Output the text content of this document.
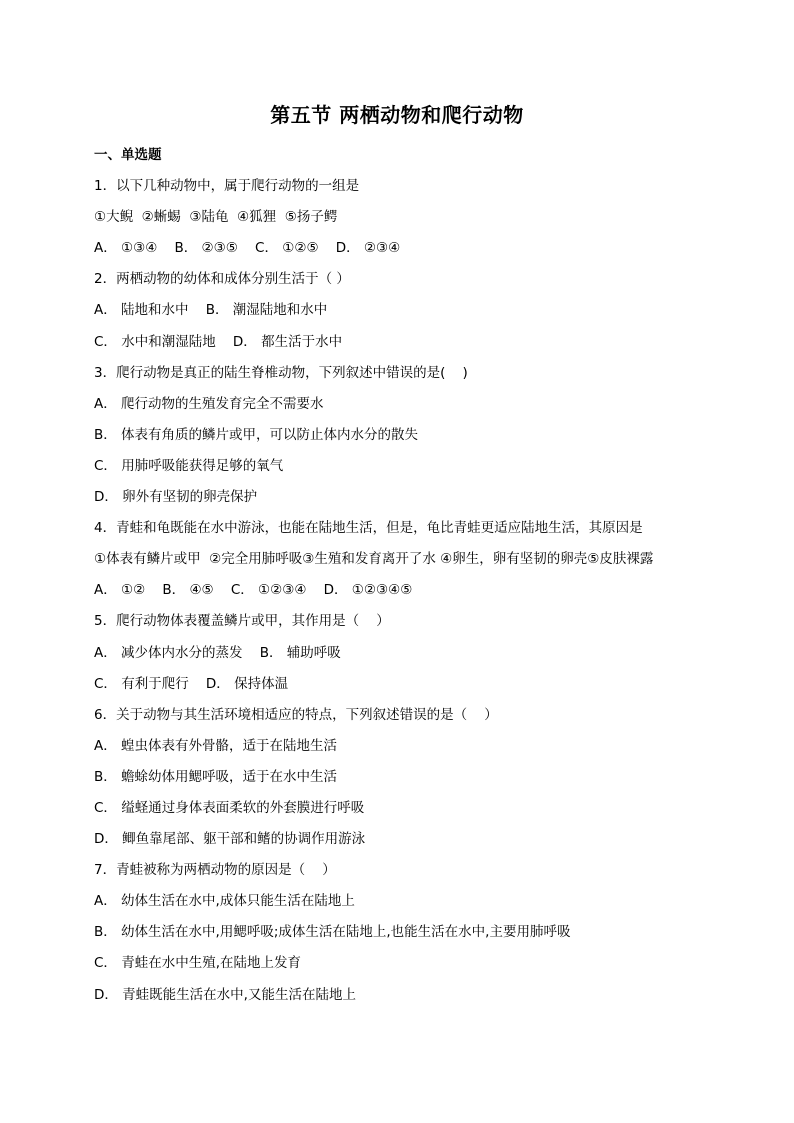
第五节 两栖动物和爬行动物
一、单选题
1．以下几种动物中，属于爬行动物的一组是
①大鲵  ②蜥蜴  ③陆龟  ④狐狸  ⑤扬子鳄
A． ①③④    B． ②③⑤    C． ①②⑤    D． ②③④
2．两栖动物的幼体和成体分别生活于（ ）
A． 陆地和水中    B． 潮湿陆地和水中
C． 水中和潮湿陆地    D． 都生活于水中
3．爬行动物是真正的陆生脊椎动物，下列叙述中错误的是(    )
A． 爬行动物的生殖发育完全不需要水
B． 体表有角质的鳞片或甲，可以防止体内水分的散失
C． 用肺呼吸能获得足够的氧气
D． 卵外有坚韧的卵壳保护
4．青蛙和龟既能在水中游泳，也能在陆地生活，但是，龟比青蛙更适应陆地生活，其原因是
①体表有鳞片或甲  ②完全用肺呼吸③生殖和发育离开了水 ④卵生，卵有坚韧的卵壳⑤皮肤裸露
A． ①②    B． ④⑤    C． ①②③④    D． ①②③④⑤
5．爬行动物体表覆盖鳞片或甲，其作用是（    ）
A． 减少体内水分的蒸发    B． 辅助呼吸
C． 有利于爬行    D． 保持体温
6．关于动物与其生活环境相适应的特点，下列叙述错误的是（    ）
A． 蝗虫体表有外骨骼，适于在陆地生活
B． 蟾蜍幼体用鳃呼吸，适于在水中生活
C． 缢蛏通过身体表面柔软的外套膜进行呼吸
D． 鲫鱼靠尾部、躯干部和鳍的协调作用游泳
7．青蛙被称为两栖动物的原因是（    ）
A． 幼体生活在水中,成体只能生活在陆地上
B． 幼体生活在水中,用鳃呼吸;成体生活在陆地上,也能生活在水中,主要用肺呼吸
C． 青蛙在水中生殖,在陆地上发育
D． 青蛙既能生活在水中,又能生活在陆地上
